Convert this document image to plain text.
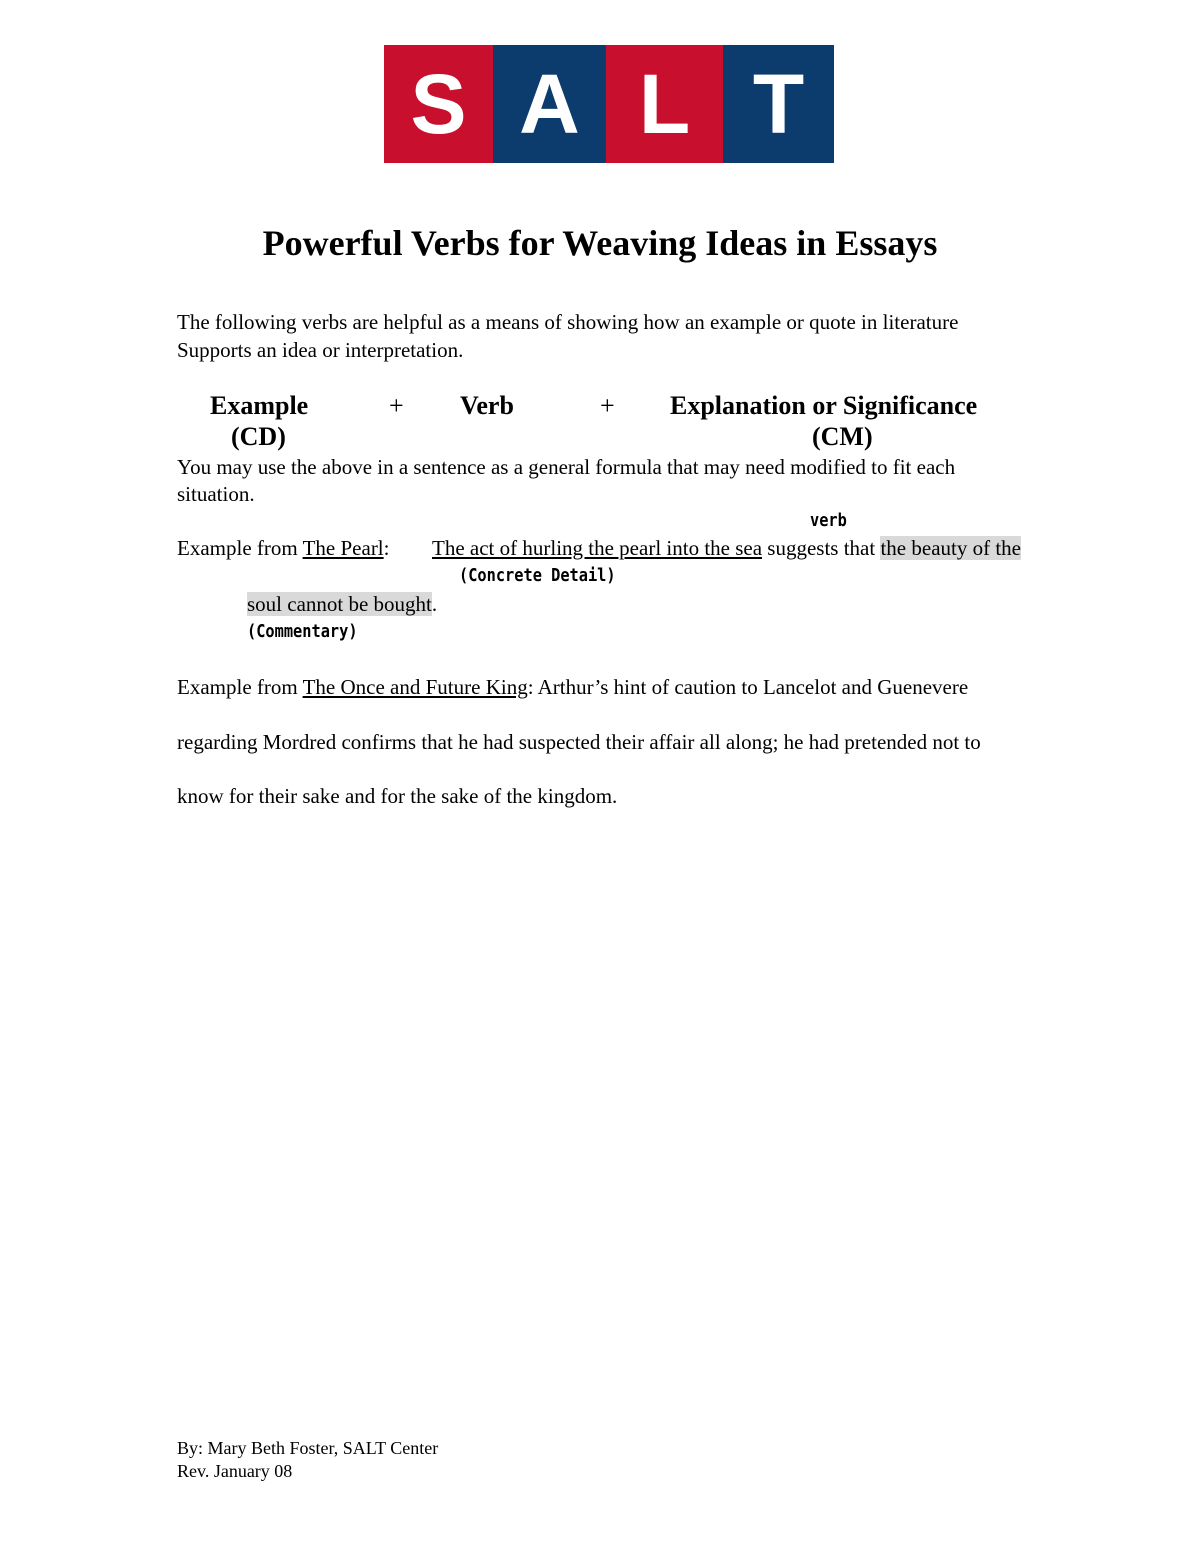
S A L T
Powerful Verbs for Weaving Ideas in Essays
The following verbs are helpful as a means of showing how an example or quote in literature
Supports an idea or interpretation.
Example	+ Verb	+ Explanation or Significance
(CD)	(CM)
You may use the above in a sentence as a general formula that may need modified to fit each
situation.
verb
Example from The Pearl: The act of hurling the pearl into the sea suggests that the beauty of the
(Concrete Detail)
soul cannot be bought.
(Commentary)
Example from The Once and Future King: Arthur’s hint of caution to Lancelot and Guenevere
regarding Mordred confirms that he had suspected their affair all along; he had pretended not to
know for their sake and for the sake of the kingdom.
By: Mary Beth Foster, SALT Center
Rev. January 08
